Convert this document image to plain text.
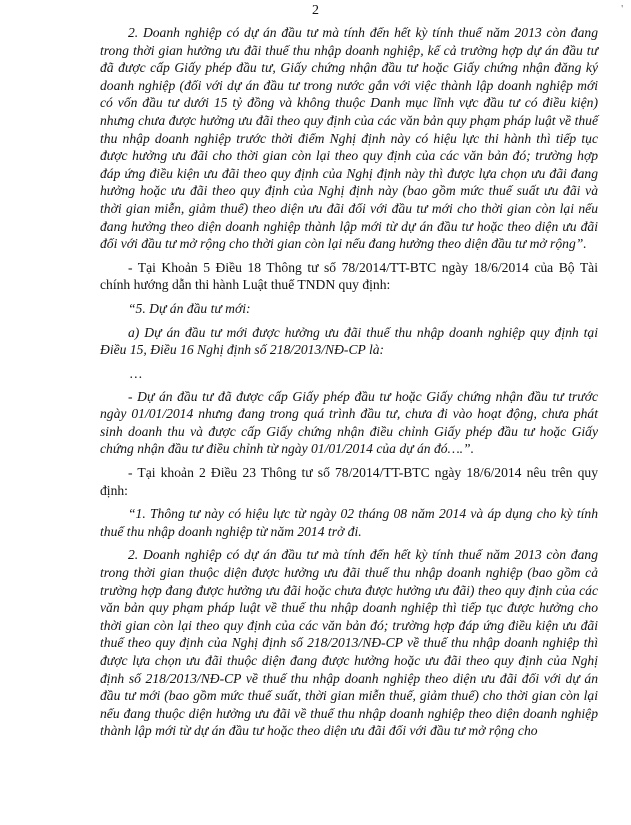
2	'

2. Doanh nghiệp có dự án đầu tư mà tính đến hết kỳ tính thuế năm 2013 còn đang trong thời gian hưởng ưu đãi thuế thu nhập doanh nghiệp, kể cả trường hợp dự án đầu tư đã được cấp Giấy phép đầu tư, Giấy chứng nhận đầu tư hoặc Giấy chứng nhận đăng ký doanh nghiệp (đối với dự án đầu tư trong nước gắn với việc thành lập doanh nghiệp mới có vốn đầu tư dưới 15 tỷ đồng và không thuộc Danh mục lĩnh vực đầu tư có điều kiện) nhưng chưa được hưởng ưu đãi theo quy định của các văn bản quy phạm pháp luật về thuế thu nhập doanh nghiệp trước thời điểm Nghị định này có hiệu lực thi hành thì tiếp tục được hưởng ưu đãi cho thời gian còn lại theo quy định của các văn bản đó; trường hợp đáp ứng điều kiện ưu đãi theo quy định của Nghị định này thì được lựa chọn ưu đãi đang hưởng hoặc ưu đãi theo quy định của Nghị định này (bao gồm mức thuế suất ưu đãi và thời gian miễn, giảm thuế) theo diện ưu đãi đối với đầu tư mới cho thời gian còn lại nếu đang hưởng theo diện doanh nghiệp thành lập mới từ dự án đầu tư hoặc theo diện ưu đãi đối với đầu tư mở rộng cho thời gian còn lại nếu đang hưởng theo diện đầu tư mở rộng”.

- Tại Khoản 5 Điều 18 Thông tư số 78/2014/TT-BTC ngày 18/6/2014 của Bộ Tài chính hướng dẫn thi hành Luật thuế TNDN quy định:

“5. Dự án đầu tư mới:

a) Dự án đầu tư mới được hưởng ưu đãi thuế thu nhập doanh nghiệp quy định tại Điều 15, Điều 16 Nghị định số 218/2013/NĐ-CP là:

…

- Dự án đầu tư đã được cấp Giấy phép đầu tư hoặc Giấy chứng nhận đầu tư trước ngày 01/01/2014 nhưng đang trong quá trình đầu tư, chưa đi vào hoạt động, chưa phát sinh doanh thu và được cấp Giấy chứng nhận điều chỉnh Giấy phép đầu tư hoặc Giấy chứng nhận đầu tư điều chỉnh từ ngày 01/01/2014 của dự án đó….”.

- Tại khoản 2 Điều 23 Thông tư số 78/2014/TT-BTC ngày 18/6/2014 nêu trên quy định:

“1. Thông tư này có hiệu lực từ ngày 02 tháng 08 năm 2014 và áp dụng cho kỳ tính thuế thu nhập doanh nghiệp từ năm 2014 trở đi.

2. Doanh nghiệp có dự án đầu tư mà tính đến hết kỳ tính thuế năm 2013 còn đang trong thời gian thuộc diện được hưởng ưu đãi thuế thu nhập doanh nghiệp (bao gồm cả trường hợp đang được hưởng ưu đãi hoặc chưa được hưởng ưu đãi) theo quy định của các văn bản quy phạm pháp luật về thuế thu nhập doanh nghiệp thì tiếp tục được hưởng cho thời gian còn lại theo quy định của các văn bản đó; trường hợp đáp ứng điều kiện ưu đãi thuế theo quy định của Nghị định số 218/2013/NĐ-CP về thuế thu nhập doanh nghiệp thì được lựa chọn ưu đãi thuộc diện đang được hưởng hoặc ưu đãi theo quy định của Nghị định số 218/2013/NĐ-CP về thuế thu nhập doanh nghiệp theo diện ưu đãi đối với dự án đầu tư mới (bao gồm mức thuế suất, thời gian miễn thuế, giảm thuế) cho thời gian còn lại nếu đang thuộc diện hưởng ưu đãi về thuế thu nhập doanh nghiệp theo diện doanh nghiệp thành lập mới từ dự án đầu tư hoặc theo diện ưu đãi đối với đầu tư mở rộng cho
